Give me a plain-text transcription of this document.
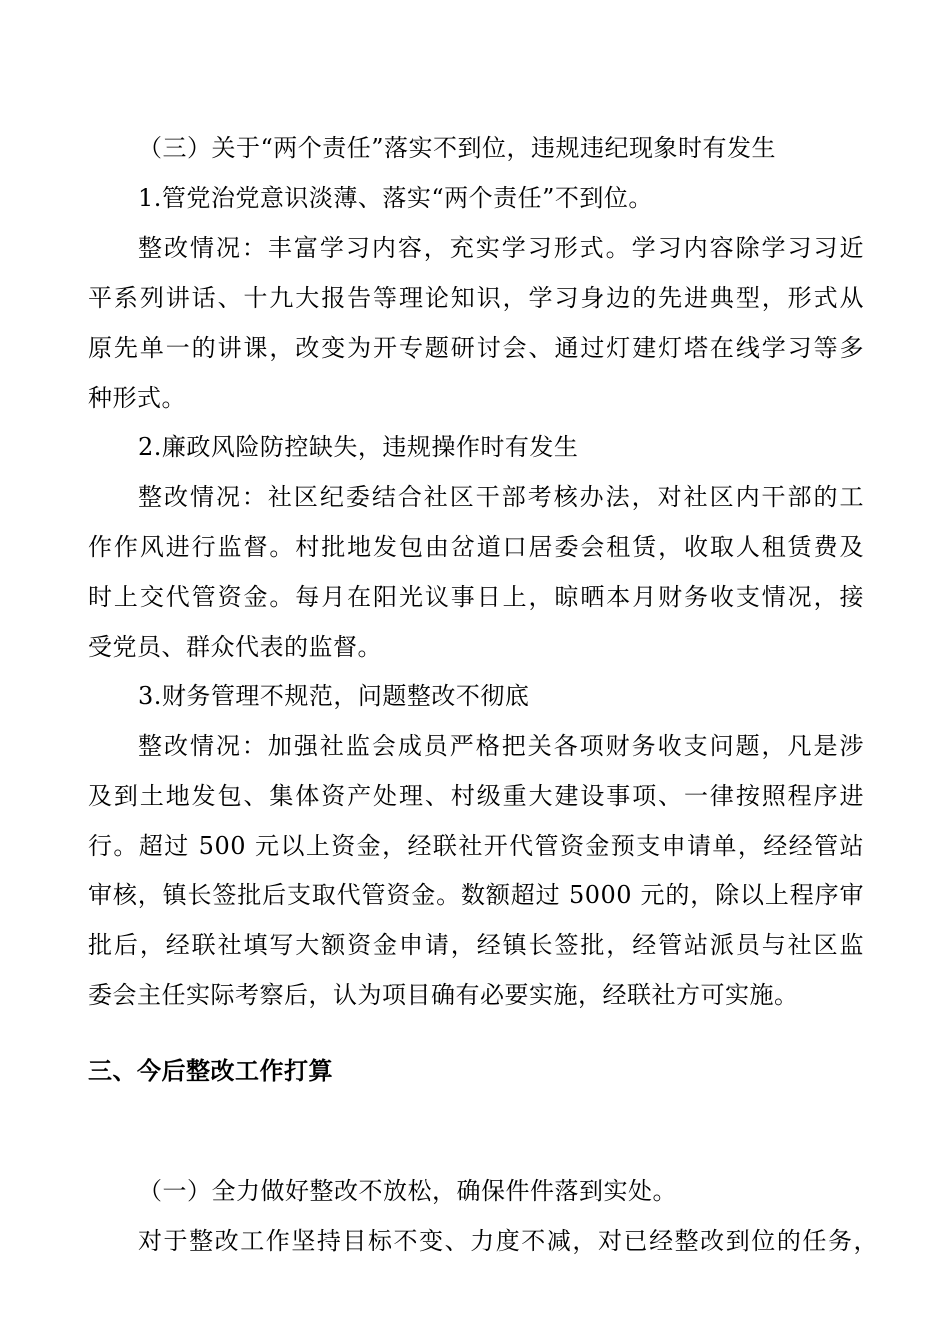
（三）关于“两个责任”落实不到位，违规违纪现象时有发生
1.管党治党意识淡薄、落实“两个责任”不到位。
整改情况：丰富学习内容，充实学习形式。学习内容除学习习近
平系列讲话、十九大报告等理论知识，学习身边的先进典型，形式从
原先单一的讲课，改变为开专题研讨会、通过灯建灯塔在线学习等多
种形式。
2.廉政风险防控缺失，违规操作时有发生
整改情况：社区纪委结合社区干部考核办法，对社区内干部的工
作作风进行监督。村批地发包由岔道口居委会租赁，收取人租赁费及
时上交代管资金。每月在阳光议事日上，晾晒本月财务收支情况，接
受党员、群众代表的监督。
3.财务管理不规范，问题整改不彻底
整改情况：加强社监会成员严格把关各项财务收支问题，凡是涉
及到土地发包、集体资产处理、村级重大建设事项、一律按照程序进
行。超过 500 元以上资金，经联社开代管资金预支申请单，经经管站
审核，镇长签批后支取代管资金。数额超过 5000 元的，除以上程序审
批后，经联社填写大额资金申请，经镇长签批，经管站派员与社区监
委会主任实际考察后，认为项目确有必要实施，经联社方可实施。
三、今后整改工作打算
（一）全力做好整改不放松，确保件件落到实处。
对于整改工作坚持目标不变、力度不减，对已经整改到位的任务，
